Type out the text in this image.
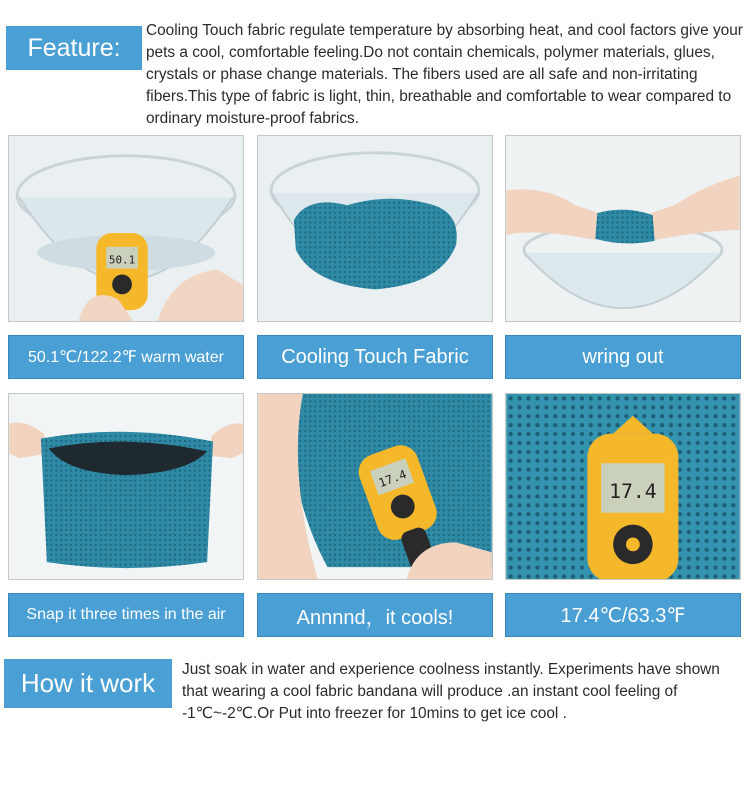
Feature:
Cooling Touch fabric regulate temperature by absorbing heat, and cool factors give your pets a cool, comfortable feeling.Do not contain chemicals, polymer materials, glues, crystals or phase change materials. The fibers used are all safe and non-irritating fibers.This type of fabric is light, thin, breathable and comfortable to wear compared to ordinary moisture-proof fabrics.
50.1
50.1℃/122.2℉ warm water	Cooling Touch Fabric	wring out
17.4
17.4
Snap it three times in the air	Annnnd，it cools!	17.4℃/63.3℉
How it work	Just soak in water and experience coolness instantly. Experiments have shown that wearing a cool fabric bandana will produce .an instant cool feeling of -1℃~-2℃.Or Put into freezer for 10mins to get ice cool .
